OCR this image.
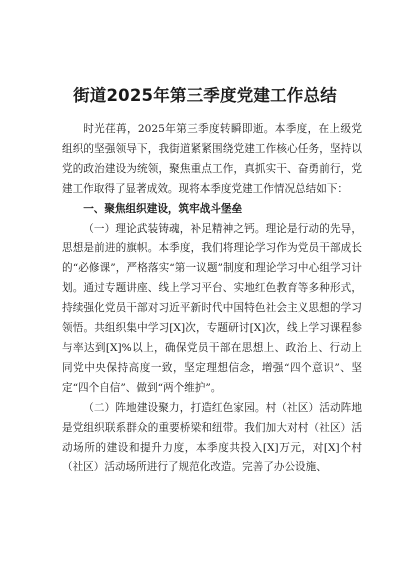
街道2025年第三季度党建工作总结

时光荏苒，2025年第三季度转瞬即逝。本季度，在上级党组织的坚强领导下，我街道紧紧围绕党建工作核心任务，坚持以党的政治建设为统领，聚焦重点工作，真抓实干、奋勇前行，党建工作取得了显著成效。现将本季度党建工作情况总结如下：

一、聚焦组织建设，筑牢战斗堡垒

（一）理论武装铸魂，补足精神之钙。理论是行动的先导，思想是前进的旗帜。本季度，我们将理论学习作为党员干部成长的“必修课”，严格落实“第一议题”制度和理论学习中心组学习计划。通过专题讲座、线上学习平台、实地红色教育等多种形式，持续强化党员干部对习近平新时代中国特色社会主义思想的学习领悟。共组织集中学习[X]次，专题研讨[X]次，线上学习课程参与率达到[X]%以上，确保党员干部在思想上、政治上、行动上同党中央保持高度一致，坚定理想信念，增强“四个意识”、坚定“四个自信”、做到“两个维护”。

（二）阵地建设聚力，打造红色家园。村（社区）活动阵地是党组织联系群众的重要桥梁和纽带。我们加大对村（社区）活动场所的建设和提升力度，本季度共投入[X]万元，对[X]个村（社区）活动场所进行了规范化改造。完善了办公设施、
